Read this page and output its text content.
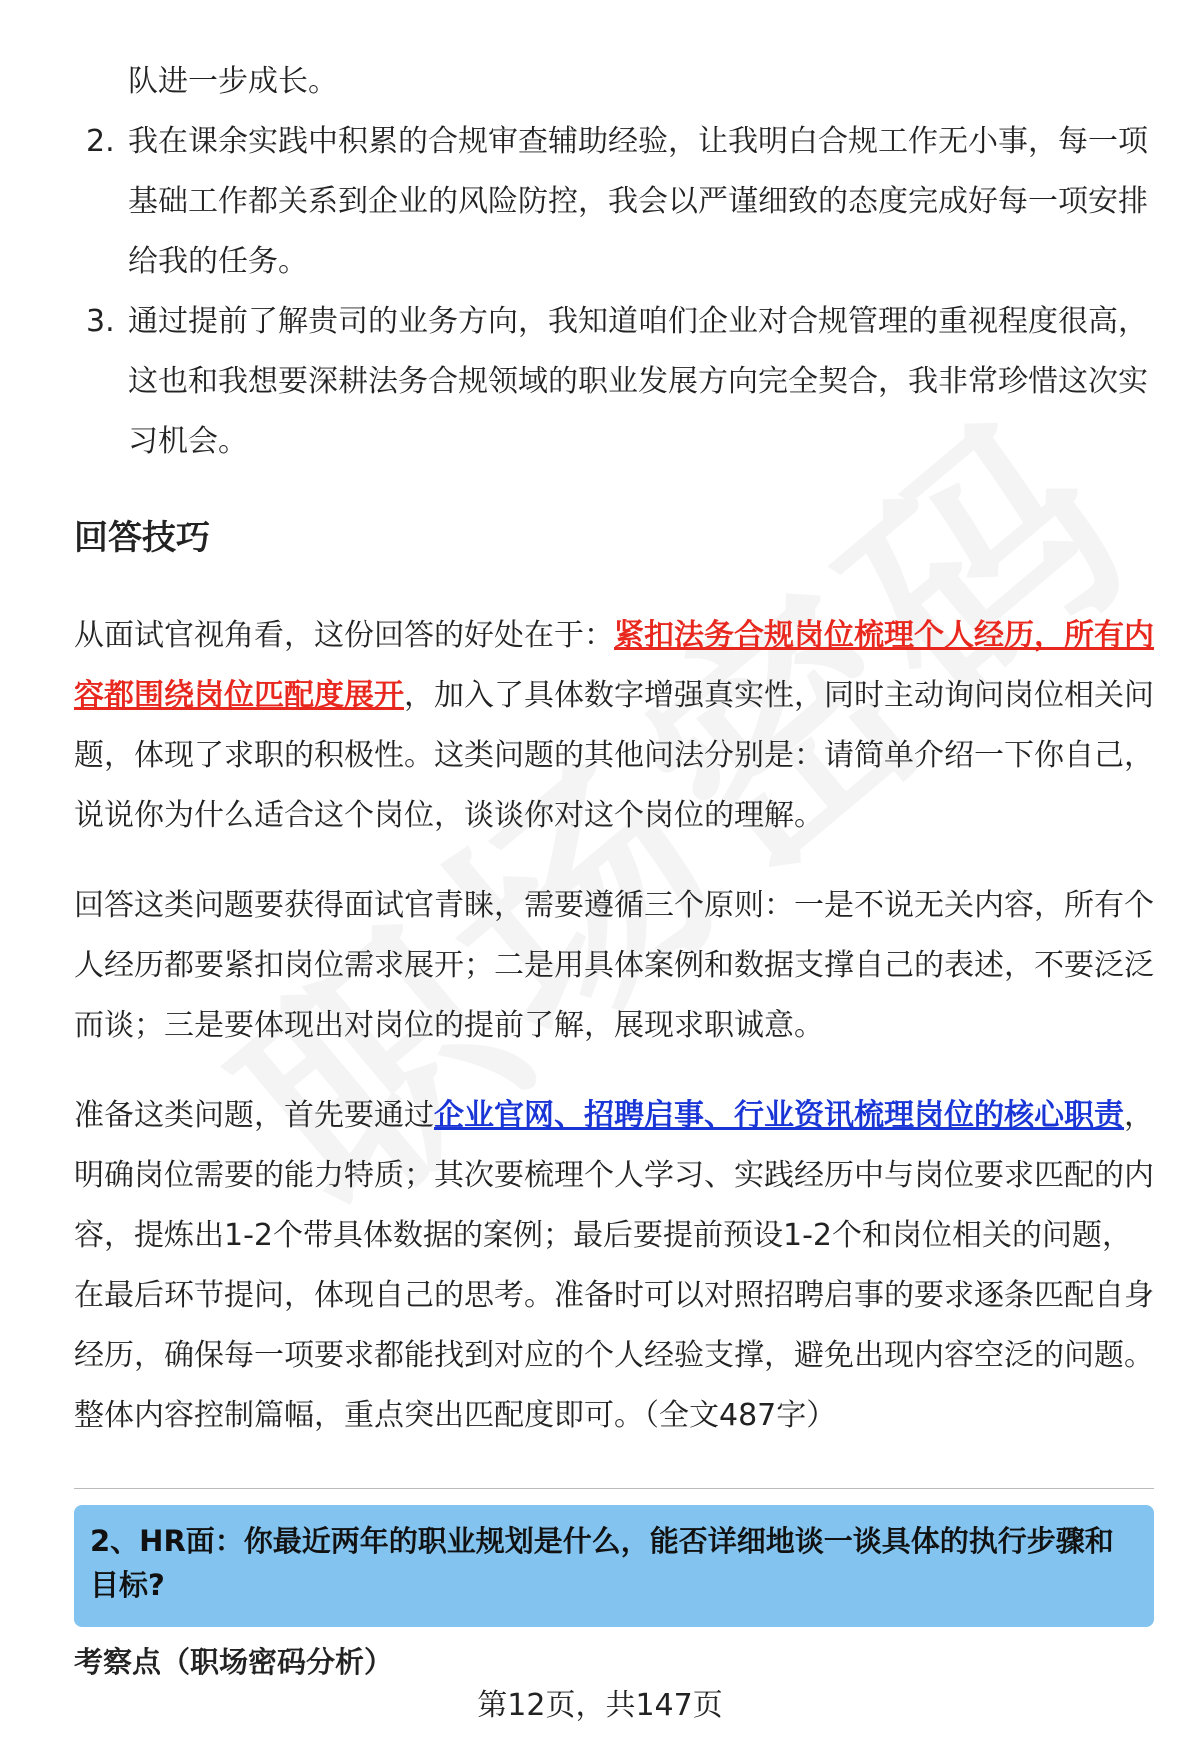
队进一步成长。
2. 我在课余实践中积累的合规审查辅助经验，让我明白合规工作无小事，每一项基础工作都关系到企业的风险防控，我会以严谨细致的态度完成好每一项安排给我的任务。
3. 通过提前了解贵司的业务方向，我知道咱们企业对合规管理的重视程度很高，这也和我想要深耕法务合规领域的职业发展方向完全契合，我非常珍惜这次实习机会。
回答技巧

从面试官视角看，这份回答的好处在于：紧扣法务合规岗位梳理个人经历，所有内容都围绕岗位匹配度展开，加入了具体数字增强真实性，同时主动询问岗位相关问题，体现了求职的积极性。这类问题的其他问法分别是：请简单介绍一下你自己，说说你为什么适合这个岗位，谈谈你对这个岗位的理解。

回答这类问题要获得面试官青睐，需要遵循三个原则：一是不说无关内容，所有个人经历都要紧扣岗位需求展开；二是用具体案例和数据支撑自己的表述，不要泛泛而谈；三是要体现出对岗位的提前了解，展现求职诚意。

准备这类问题，首先要通过企业官网、招聘启事、行业资讯梳理岗位的核心职责，明确岗位需要的能力特质；其次要梳理个人学习、实践经历中与岗位要求匹配的内容，提炼出1-2个带具体数据的案例；最后要提前预设1-2个和岗位相关的问题，在最后环节提问，体现自己的思考。准备时可以对照招聘启事的要求逐条匹配自身经历，确保每一项要求都能找到对应的个人经验支撑，避免出现内容空泛的问题。整体内容控制篇幅，重点突出匹配度即可。（全文487字）

2、HR面：你最近两年的职业规划是什么，能否详细地谈一谈具体的执行步骤和目标?
考察点（职场密码分析）
第12页，共147页
